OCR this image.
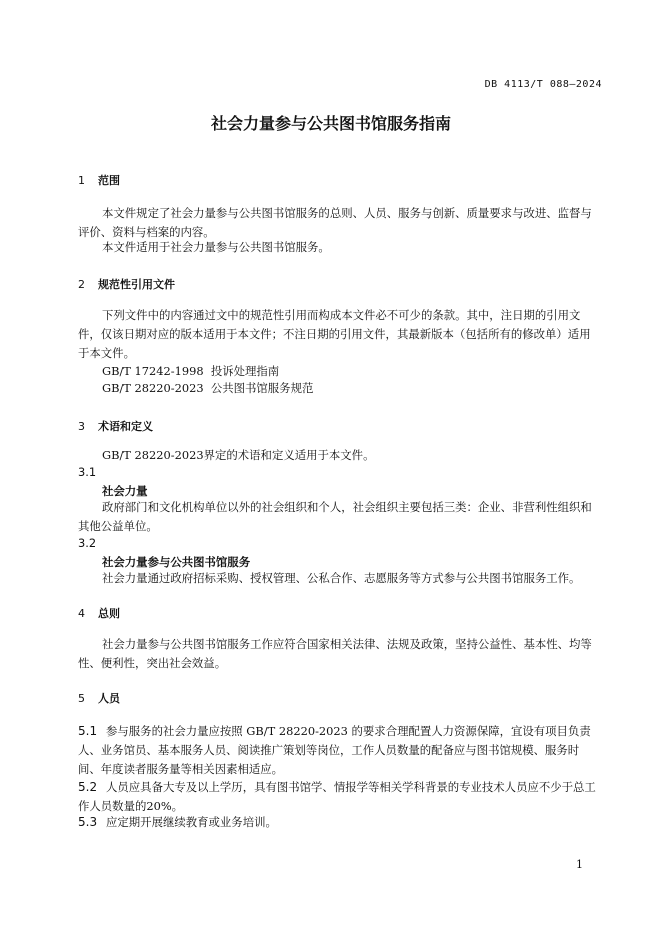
DB 4113/T 088—2024
社会力量参与公共图书馆服务指南
1 范围

本文件规定了社会力量参与公共图书馆服务的总则、人员、服务与创新、质量要求与改进、监督与评价、资料与档案的内容。

本文件适用于社会力量参与公共图书馆服务。

2 规范性引用文件

下列文件中的内容通过文中的规范性引用而构成本文件必不可少的条款。其中，注日期的引用文件，仅该日期对应的版本适用于本文件；不注日期的引用文件，其最新版本（包括所有的修改单）适用于本文件。

GB/T 17242-1998  投诉处理指南
GB/T 28220-2023  公共图书馆服务规范
3 术语和定义

GB/T 28220-2023界定的术语和定义适用于本文件。

3.1
社会力量

政府部门和文化机构单位以外的社会组织和个人，社会组织主要包括三类：企业、非营利性组织和其他公益单位。

3.2
社会力量参与公共图书馆服务

社会力量通过政府招标采购、授权管理、公私合作、志愿服务等方式参与公共图书馆服务工作。

4 总则

社会力量参与公共图书馆服务工作应符合国家相关法律、法规及政策，坚持公益性、基本性、均等性、便利性，突出社会效益。

5 人员

5.1 参与服务的社会力量应按照 GB/T 28220-2023 的要求合理配置人力资源保障，宜设有项目负责人、业务馆员、基本服务人员、阅读推广策划等岗位，工作人员数量的配备应与图书馆规模、服务时间、年度读者服务量等相关因素相适应。

5.2 人员应具备大专及以上学历，具有图书馆学、情报学等相关学科背景的专业技术人员应不少于总工作人员数量的20%。

5.3 应定期开展继续教育或业务培训。

1
